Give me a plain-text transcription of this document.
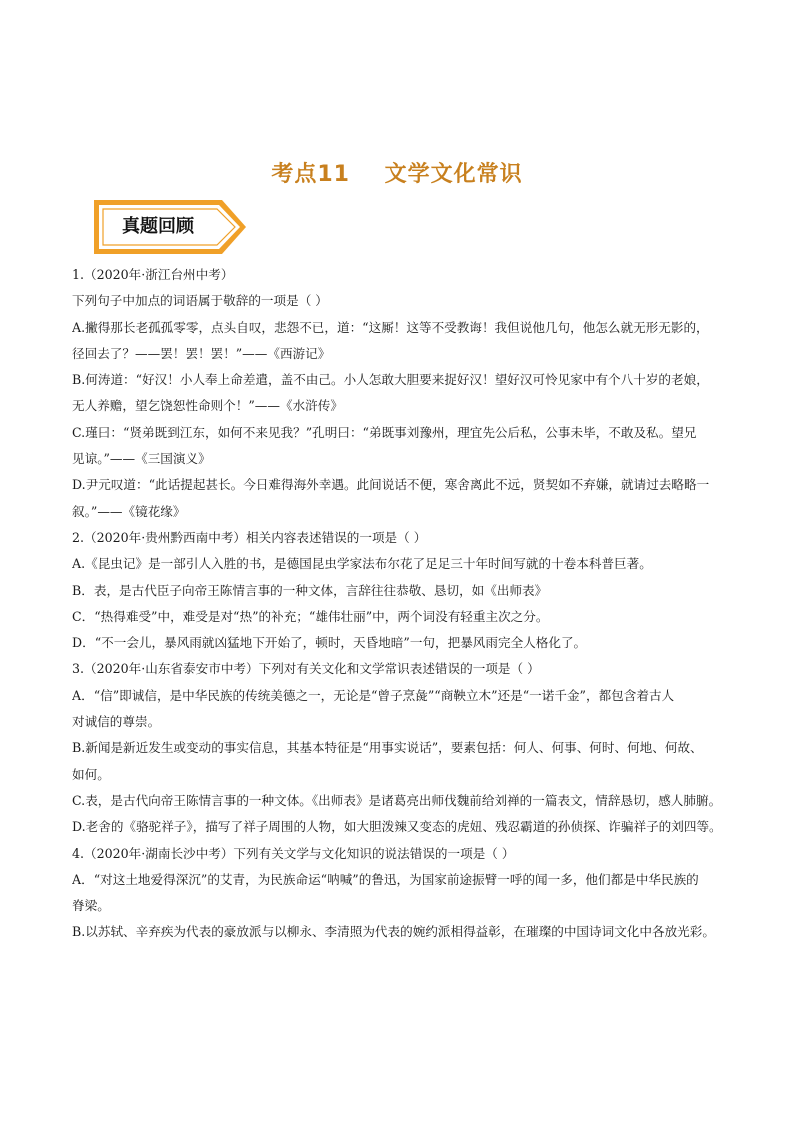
考点11    文学文化常识
真题回顾
1.（2020年·浙江台州中考）
下列句子中加点的词语属于敬辞的一项是（ ）
A.撇得那长老孤孤零零，点头自叹，悲怨不已，道：“这厮！这等不受教诲！我但说他几句，他怎么就无形无影的，
径回去了？——罢！罢！罢！”——《西游记》
B.何涛道：“好汉！小人奉上命差遣，盖不由己。小人怎敢大胆要来捉好汉！望好汉可怜见家中有个八十岁的老娘，
无人养赡，望乞饶恕性命则个！”——《水浒传》
C.瑾曰：“贤弟既到江东，如何不来见我？”孔明曰：“弟既事刘豫州，理宜先公后私，公事未毕，不敢及私。望兄
见谅。”——《三国演义》
D.尹元叹道：“此话提起甚长。今日难得海外幸遇。此间说话不便，寒舍离此不远，贤契如不弃嫌，就请过去略略一
叙。”——《镜花缘》
2.（2020年·贵州黔西南中考）相关内容表述错误的一项是（ ）
A.《昆虫记》是一部引人入胜的书，是德国昆虫学家法布尔花了足足三十年时间写就的十卷本科普巨著。
B．表，是古代臣子向帝王陈情言事的一种文体，言辞往往恭敬、恳切，如《出师表》
C．“热得难受”中，难受是对“热”的补充；“雄伟壮丽”中，两个词没有轻重主次之分。
D．“不一会儿，暴风雨就凶猛地下开始了，顿时，天昏地暗”一句，把暴风雨完全人格化了。
3.（2020年·山东省泰安市中考）下列对有关文化和文学常识表述错误的一项是（ ）
A．“信”即诚信，是中华民族的传统美德之一，无论是“曾子烹彘”“商鞅立木”还是“一诺千金”，都包含着古人
对诚信的尊崇。
B.新闻是新近发生或变动的事实信息，其基本特征是“用事实说话”，要素包括：何人、何事、何时、何地、何故、
如何。
C.表，是古代向帝王陈情言事的一种文体。《出师表》是诸葛亮出师伐魏前给刘禅的一篇表文，情辞恳切，感人肺腑。
D.老舍的《骆驼祥子》，描写了祥子周围的人物，如大胆泼辣又变态的虎妞、残忍霸道的孙侦探、诈骗祥子的刘四等。
4.（2020年·湖南长沙中考）下列有关文学与文化知识的说法错误的一项是（ ）
A．“对这土地爱得深沉”的艾青，为民族命运“呐喊”的鲁迅，为国家前途振臂一呼的闻一多，他们都是中华民族的
脊梁。
B.以苏轼、辛弃疾为代表的豪放派与以柳永、李清照为代表的婉约派相得益彰，在璀璨的中国诗词文化中各放光彩。
